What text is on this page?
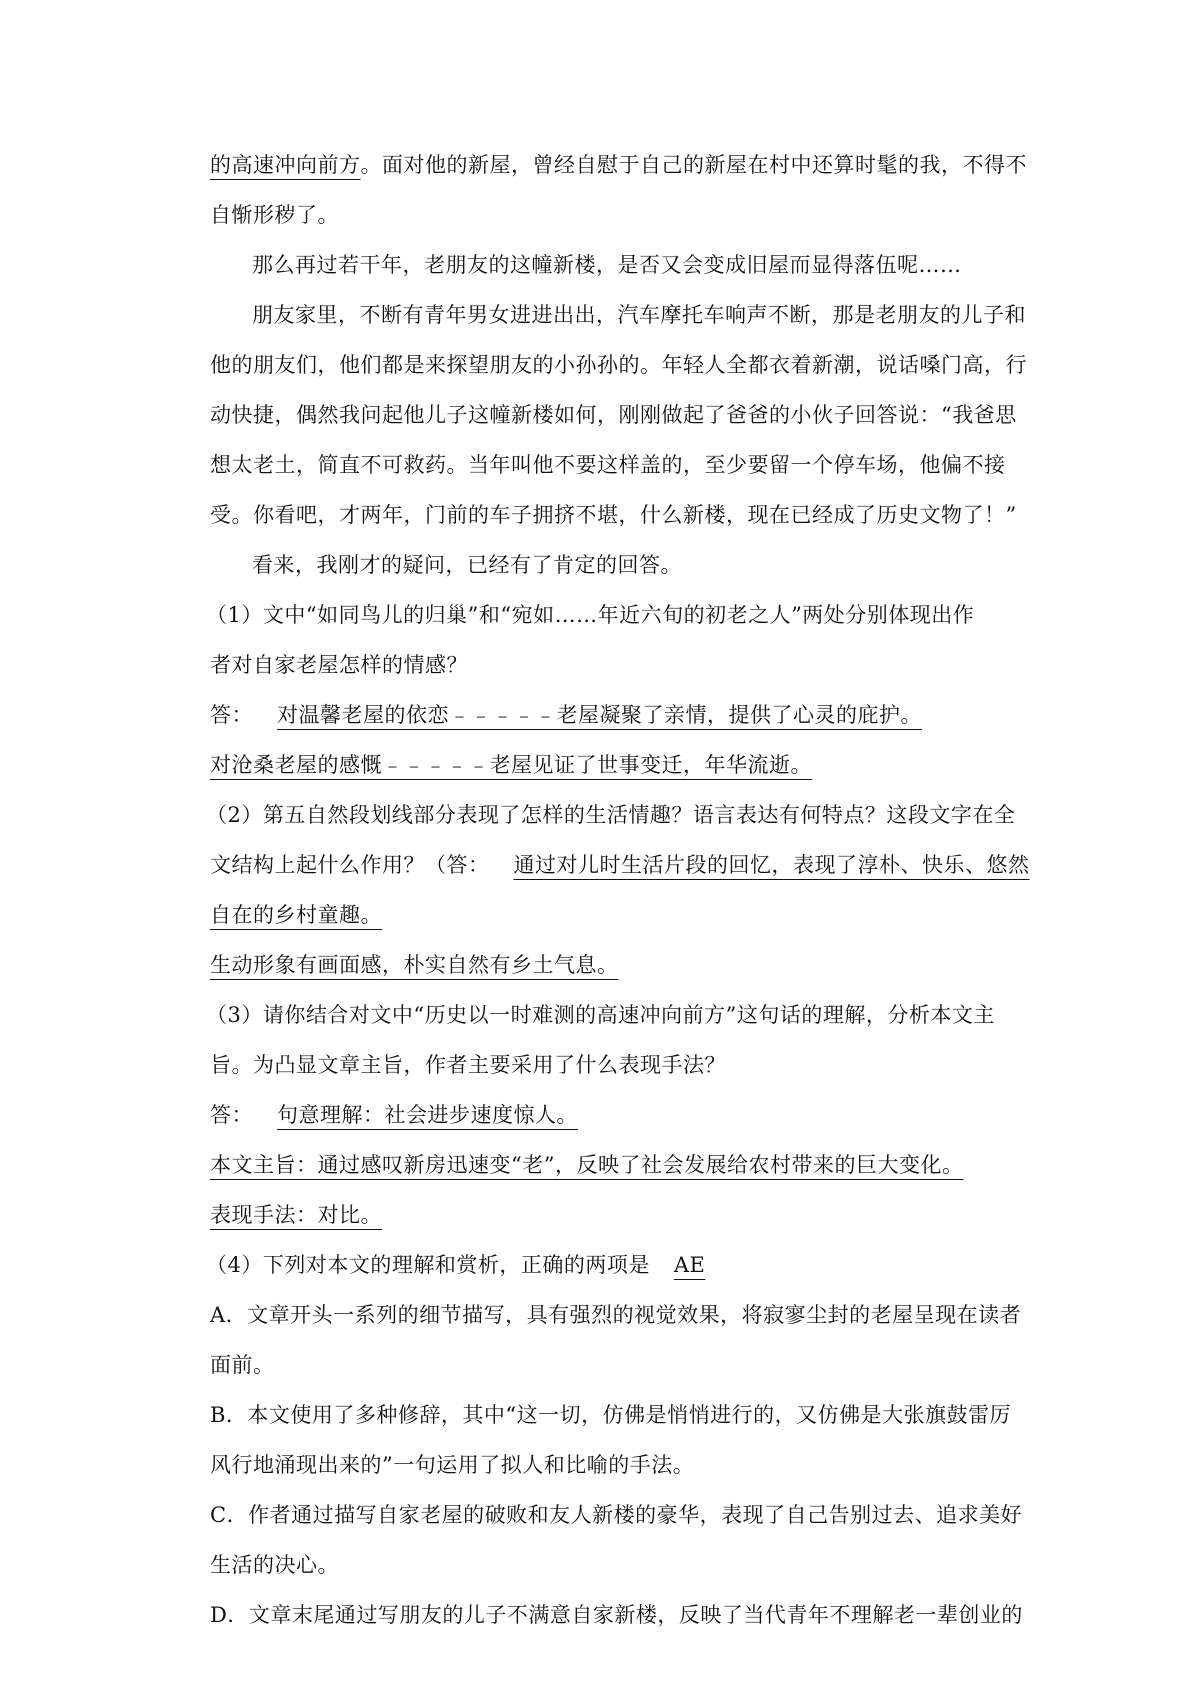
的高速冲向前方。面对他的新屋，曾经自慰于自己的新屋在村中还算时髦的我，不得不
自惭形秽了。
那么再过若干年，老朋友的这幢新楼，是否又会变成旧屋而显得落伍呢……
朋友家里，不断有青年男女进进出出，汽车摩托车响声不断，那是老朋友的儿子和
他的朋友们，他们都是来探望朋友的小孙孙的。年轻人全都衣着新潮，说话嗓门高，行
动快捷，偶然我问起他儿子这幢新楼如何，刚刚做起了爸爸的小伙子回答说：“我爸思
想太老土，简直不可救药。当年叫他不要这样盖的，至少要留一个停车场，他偏不接
受。你看吧，才两年，门前的车子拥挤不堪，什么新楼，现在已经成了历史文物了！”
看来，我刚才的疑问，已经有了肯定的回答。
（1）文中“如同鸟儿的归巢”和“宛如……年近六旬的初老之人”两处分别体现出作
者对自家老屋怎样的情感？
答： 对温馨老屋的依恋﹣﹣﹣﹣﹣老屋凝聚了亲情，提供了心灵的庇护。
对沧桑老屋的感慨﹣﹣﹣﹣﹣老屋见证了世事变迁，年华流逝。
（2）第五自然段划线部分表现了怎样的生活情趣？语言表达有何特点？这段文字在全
文结构上起什么作用？（答： 通过对儿时生活片段的回忆，表现了淳朴、快乐、悠然
自在的乡村童趣。
生动形象有画面感，朴实自然有乡土气息。
（3）请你结合对文中“历史以一时难测的高速冲向前方”这句话的理解，分析本文主
旨。为凸显文章主旨，作者主要采用了什么表现手法？
答： 句意理解：社会进步速度惊人。
本文主旨：通过感叹新房迅速变“老”，反映了社会发展给农村带来的巨大变化。
表现手法：对比。
（4）下列对本文的理解和赏析，正确的两项是 AE
A．文章开头一系列的细节描写，具有强烈的视觉效果，将寂寥尘封的老屋呈现在读者
面前。
B．本文使用了多种修辞，其中“这一切，仿佛是悄悄进行的，又仿佛是大张旗鼓雷厉
风行地涌现出来的”一句运用了拟人和比喻的手法。
C．作者通过描写自家老屋的破败和友人新楼的豪华，表现了自己告别过去、追求美好
生活的决心。
D．文章末尾通过写朋友的儿子不满意自家新楼，反映了当代青年不理解老一辈创业的
